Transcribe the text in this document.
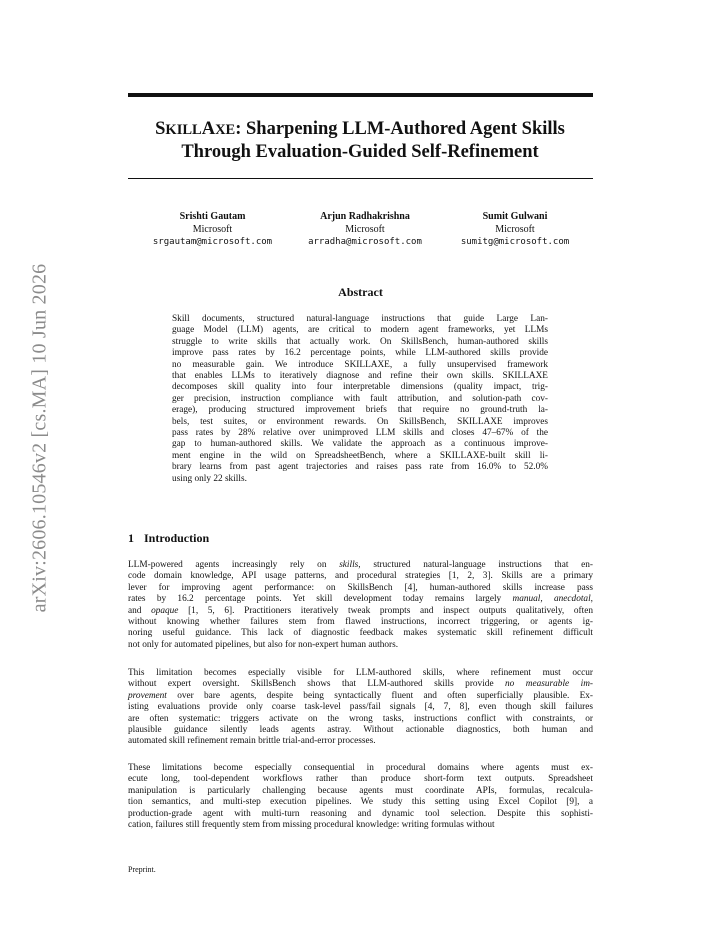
arXiv:2606.10546v2 [cs.MA] 10 Jun 2026
SKILLAXE: Sharpening LLM-Authored Agent Skills
Through Evaluation-Guided Self-Refinement
Srishti Gautam
Microsoft
srgautam@microsoft.com
Arjun Radhakrishna
Microsoft
arradha@microsoft.com
Sumit Gulwani
Microsoft
sumitg@microsoft.com
Abstract
Skill documents, structured natural-language instructions that guide Large Lan-
guage Model (LLM) agents, are critical to modern agent frameworks, yet LLMs
struggle to write skills that actually work. On SkillsBench, human-authored skills
improve pass rates by 16.2 percentage points, while LLM-authored skills provide
no measurable gain. We introduce SKILLAXE, a fully unsupervised framework
that enables LLMs to iteratively diagnose and refine their own skills. SKILLAXE
decomposes skill quality into four interpretable dimensions (quality impact, trig-
ger precision, instruction compliance with fault attribution, and solution-path cov-
erage), producing structured improvement briefs that require no ground-truth la-
bels, test suites, or environment rewards. On SkillsBench, SKILLAXE improves
pass rates by 28% relative over unimproved LLM skills and closes 47–67% of the
gap to human-authored skills. We validate the approach as a continuous improve-
ment engine in the wild on SpreadsheetBench, where a SKILLAXE-built skill li-
brary learns from past agent trajectories and raises pass rate from 16.0% to 52.0%
using only 22 skills.
1 Introduction
LLM-powered agents increasingly rely on skills, structured natural-language instructions that en-
code domain knowledge, API usage patterns, and procedural strategies [1, 2, 3]. Skills are a primary
lever for improving agent performance: on SkillsBench [4], human-authored skills increase pass
rates by 16.2 percentage points. Yet skill development today remains largely manual, anecdotal,
and opaque [1, 5, 6]. Practitioners iteratively tweak prompts and inspect outputs qualitatively, often
without knowing whether failures stem from flawed instructions, incorrect triggering, or agents ig-
noring useful guidance. This lack of diagnostic feedback makes systematic skill refinement difficult
not only for automated pipelines, but also for non-expert human authors.
This limitation becomes especially visible for LLM-authored skills, where refinement must occur
without expert oversight. SkillsBench shows that LLM-authored skills provide no measurable im-
provement over bare agents, despite being syntactically fluent and often superficially plausible. Ex-
isting evaluations provide only coarse task-level pass/fail signals [4, 7, 8], even though skill failures
are often systematic: triggers activate on the wrong tasks, instructions conflict with constraints, or
plausible guidance silently leads agents astray. Without actionable diagnostics, both human and
automated skill refinement remain brittle trial-and-error processes.
These limitations become especially consequential in procedural domains where agents must ex-
ecute long, tool-dependent workflows rather than produce short-form text outputs. Spreadsheet
manipulation is particularly challenging because agents must coordinate APIs, formulas, recalcula-
tion semantics, and multi-step execution pipelines. We study this setting using Excel Copilot [9], a
production-grade agent with multi-turn reasoning and dynamic tool selection. Despite this sophisti-
cation, failures still frequently stem from missing procedural knowledge: writing formulas without
Preprint.
